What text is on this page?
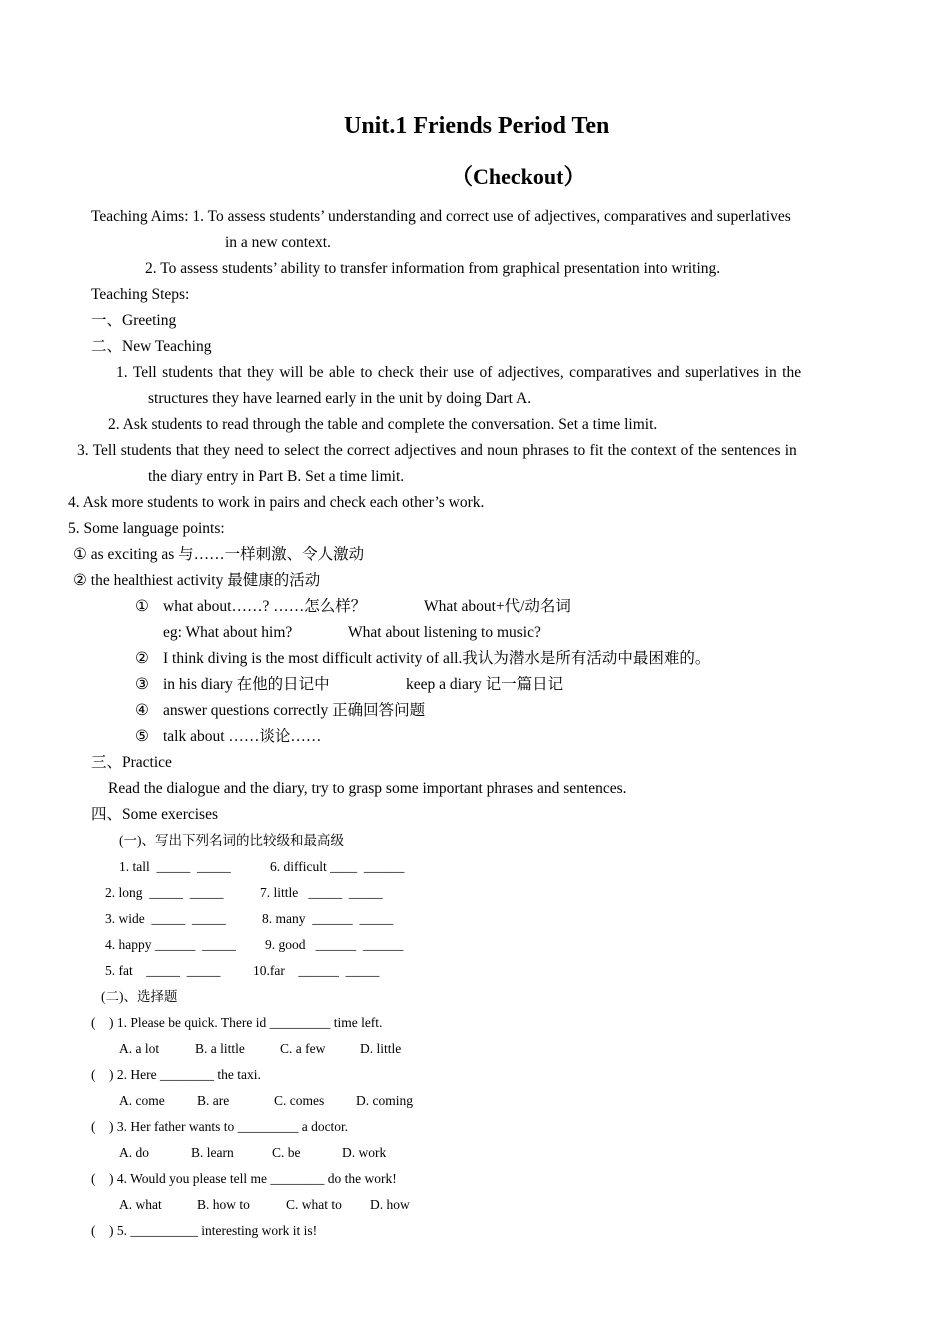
Unit.1 Friends Period Ten
（Checkout）
Teaching Aims: 1. To assess students’ understanding and correct use of adjectives, comparatives and superlatives
in a new context.
2. To assess students’ ability to transfer information from graphical presentation into writing.
Teaching Steps:
一、Greeting
二、New Teaching
1. Tell students that they will be able to check their use of adjectives, comparatives and superlatives in the
structures they have learned early in the unit by doing Dart A.
2. Ask students to read through the table and complete the conversation. Set a time limit.
3. Tell students that they need to select the correct adjectives and noun phrases to fit the context of the sentences in
the diary entry in Part B. Set a time limit.
4. Ask more students to work in pairs and check each other’s work.
5. Some language points:
① as exciting as 与……一样刺激、令人激动
② the healthiest activity 最健康的活动
① what about……? ……怎么样？	What about+代/动名词
eg: What about him?	What about listening to music?
② I think diving is the most difficult activity of all.我认为潜水是所有活动中最困难的。
③ in his diary 在他的日记中	keep a diary 记一篇日记
④ answer questions correctly 正确回答问题
⑤ talk about ……谈论……
三、Practice
Read the dialogue and the diary, try to grasp some important phrases and sentences.
四、Some exercises
(一)、写出下列名词的比较级和最高级
1. tall  _____  _____	6. difficult ____  ______
2. long  _____  _____	7. little   _____  _____
3. wide  _____  _____	8. many  ______  _____
4. happy ______  _____ 9. good   ______  ______
5. fat    _____  _____ 10.far    ______  _____
(二)、选择题
(    ) 1. Please be quick. There id _________ time left.
A. a lot	B. a little	C. a few	D. little
(    ) 2. Here ________ the taxi.
A. come B. are	C. comes D. coming
(    ) 3. Her father wants to _________ a doctor.
A. do	B. learn	C. be	D. work
(    ) 4. Would you please tell me ________ do the work!
A. what	B. how to	C. what to D. how
(    ) 5. __________ interesting work it is!
